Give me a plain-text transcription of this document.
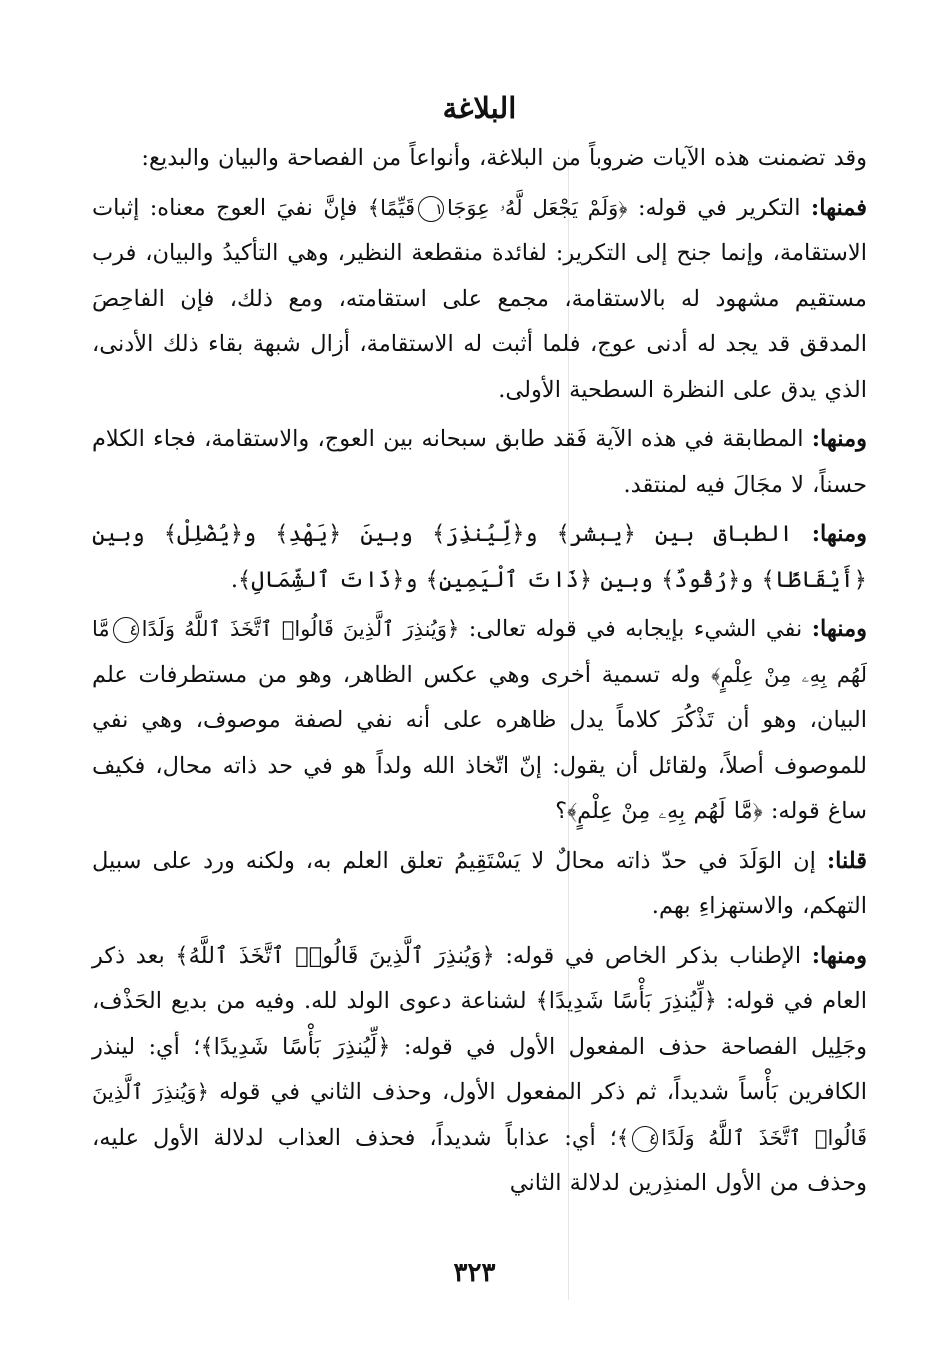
البلاغة

وقد تضمنت هذه الآيات ضروباً من البلاغة، وأنواعاً من الفصاحة والبيان والبديع:

فمنها: التكرير في قوله: ﴿وَلَمْ يَجْعَل لَّهُۥ عِوَجَا١قَيِّمًا﴾ فإنَّ نفيَ العوج معناه: إثبات الاستقامة، وإنما جنح إلى التكرير: لفائدة منقطعة النظير، وهي التأكيدُ والبيان، فرب مستقيم مشهود له بالاستقامة، مجمع على استقامته، ومع ذلك، فإن الفاحِصَ المدقق قد يجد له أدنى عوج، فلما أثبت له الاستقامة، أزال شبهة بقاء ذلك الأدنى، الذي يدق على النظرة السطحية الأولى.

ومنها: المطابقة في هذه الآية فَقد طابق سبحانه بين العوج، والاستقامة، فجاء الكلام حسناً، لا مجَالَ فيه لمنتقد.

ومنها: الطباق بين ﴿يبشر﴾ و﴿لِّيُنذِرَ﴾ وبينَ ﴿يَهْدِ﴾ و﴿يُضْلِلْ﴾ وبين ﴿أَيْقَاظًا﴾ و﴿رُقُودٌ﴾ وبين ﴿ذَاتَ ٱلْيَمِينِ﴾ و﴿ذَاتَ ٱلشِّمَالِ﴾.

ومنها: نفي الشيء بإيجابه في قوله تعالى: ﴿وَيُنذِرَ ٱلَّذِينَ قَالُوا۟ ٱتَّخَذَ ٱللَّهُ وَلَدًا٤مَّا لَهُم بِهِۦ مِنْ عِلْمٍ﴾ وله تسمية أخرى وهي عكس الظاهر، وهو من مستطرفات علم البيان، وهو أن تَذْكُرَ كلاماً يدل ظاهره على أنه نفي لصفة موصوف، وهي نفي للموصوف أصلاً، ولقائل أن يقول: إنّ اتّخاذ الله ولداً هو في حد ذاته محال، فكيف ساغ قوله: ﴿مَّا لَهُم بِهِۦ مِنْ عِلْمٍ﴾؟

قلنا: إن الوَلَدَ في حدّ ذاته محالٌ لا يَسْتَقِيمُ تعلق العلم به، ولكنه ورد على سبيل التهكم، والاستهزاءِ بهم.

ومنها: الإطناب بذكر الخاص في قوله: ﴿وَيُنذِرَ ٱلَّذِينَ قَالُوا۟ ٱتَّخَذَ ٱللَّهُ﴾ بعد ذكر العام في قوله: ﴿لِّيُنذِرَ بَأْسًا شَدِيدًا﴾ لشناعة دعوى الولد لله. وفيه من بديع الحَذْف، وجَلِيل الفصاحة حذف المفعول الأول في قوله: ﴿لِّيُنذِرَ بَأْسًا شَدِيدًا﴾؛ أي: لينذر الكافرين بَأْساً شديداً، ثم ذكر المفعول الأول، وحذف الثاني في قوله ﴿وَيُنذِرَ ٱلَّذِينَ قَالُوا۟ ٱتَّخَذَ ٱللَّهُ وَلَدًا٤﴾؛ أي: عذاباً شديداً، فحذف العذاب لدلالة الأول عليه، وحذف من الأول المنذِرين لدلالة الثاني

٣٢٣
